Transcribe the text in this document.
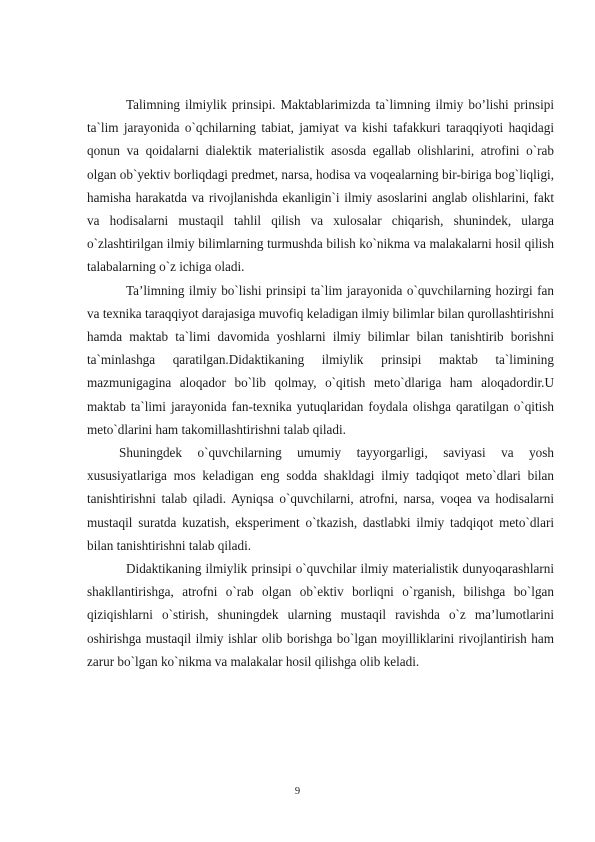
Talimning ilmiylik prinsipi. Maktablarimizda ta`limning ilmiy bo’lishi prinsipi ta`lim jarayonida o`qchilarning tabiat, jamiyat va kishi tafakkuri taraqqiyoti haqidagi qonun va qoidalarni dialektik materialistik asosda egallab olishlarini, atrofini o`rab olgan ob`yektiv borliqdagi predmet, narsa, hodisa va voqealarning bir-biriga bog`liqligi, hamisha harakatda va rivojlanishda ekanligin`i ilmiy asoslarini anglab olishlarini, fakt va hodisalarni mustaqil tahlil qilish va xulosalar chiqarish, shunindek, ularga o`zlashtirilgan ilmiy bilimlarning turmushda bilish ko`nikma va malakalarni hosil qilish talabalarning o`z ichiga oladi.

Ta’limning ilmiy bo`lishi prinsipi ta`lim jarayonida o`quvchilarning hozirgi fan va texnika taraqqiyot darajasiga muvofiq keladigan ilmiy bilimlar bilan qurollashtirishni hamda maktab ta`limi davomida yoshlarni ilmiy bilimlar bilan tanishtirib borishni ta`minlashga qaratilgan.Didaktikaning ilmiylik prinsipi maktab ta`limining mazmunigagina aloqador bo`lib qolmay, o`qitish meto`dlariga ham aloqadordir.U maktab ta`limi jarayonida fan-texnika yutuqlaridan foydala olishga qaratilgan o`qitish meto`dlarini ham takomillashtirishni talab qiladi.

Shuningdek o`quvchilarning umumiy tayyorgarligi, saviyasi va yosh xususiyatlariga mos keladigan eng sodda shakldagi ilmiy tadqiqot meto`dlari bilan tanishtirishni talab qiladi. Ayniqsa o`quvchilarni, atrofni, narsa, voqea va hodisalarni mustaqil suratda kuzatish, eksperiment o`tkazish, dastlabki ilmiy tadqiqot meto`dlari bilan tanishtirishni talab qiladi.

Didaktikaning ilmiylik prinsipi o`quvchilar ilmiy materialistik dunyoqarashlarni shakllantirishga, atrofni o`rab olgan ob`ektiv borliqni o`rganish, bilishga bo`lgan qiziqishlarni o`stirish, shuningdek ularning mustaqil ravishda o`z ma’lumotlarini oshirishga mustaqil ilmiy ishlar olib borishga bo`lgan moyilliklarini rivojlantirish ham zarur bo`lgan ko`nikma va malakalar hosil qilishga olib keladi.

9
